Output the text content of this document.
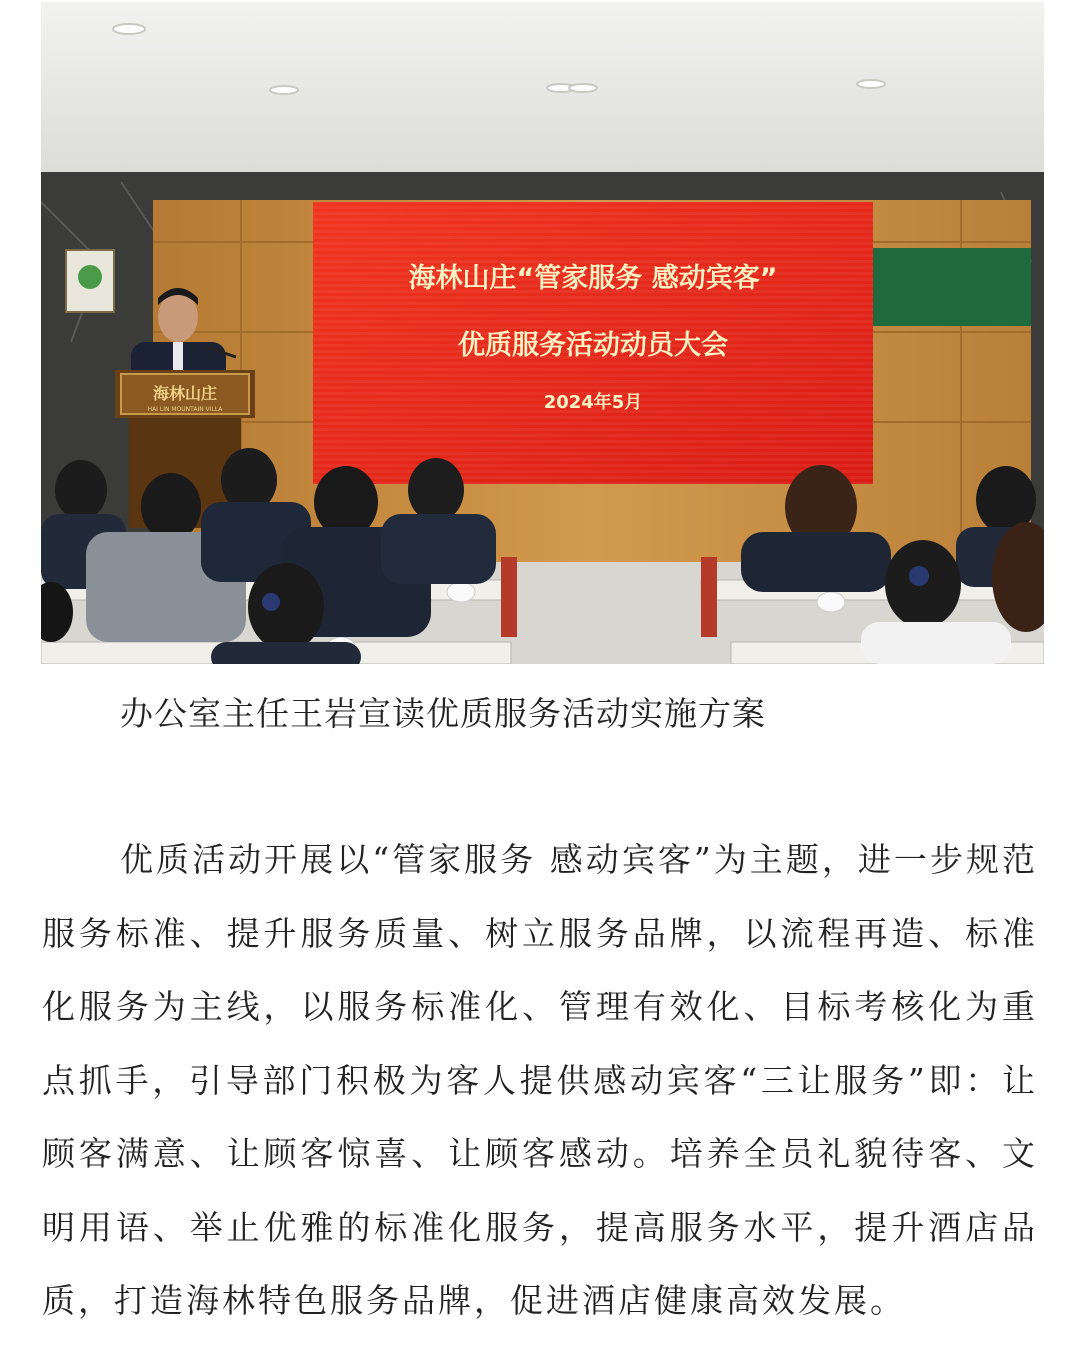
海林山庄“管家服务 感动宾客”
优质服务活动动员大会
2024年5月
海林山庄
HAI LIN MOUNTAIN VILLA
办公室主任王岩宣读优质服务活动实施方案

优质活动开展以“管家服务 感动宾客”为主题，进一步规范服务标准、提升服务质量、树立服务品牌，以流程再造、标准化服务为主线，以服务标准化、管理有效化、目标考核化为重点抓手，引导部门积极为客人提供感动宾客“三让服务”即：让顾客满意、让顾客惊喜、让顾客感动。培养全员礼貌待客、文明用语、举止优雅的标准化服务，提高服务水平，提升酒店品质，打造海林特色服务品牌，促进酒店健康高效发展。
